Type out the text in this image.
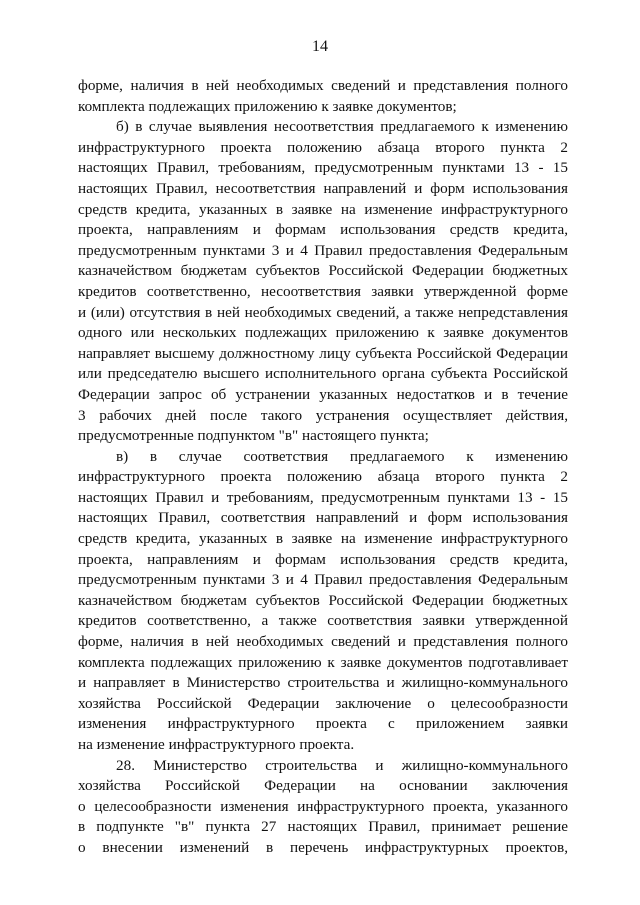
14
форме, наличия в ней необходимых сведений и представления полного
комплекта подлежащих приложению к заявке документов;
б) в случае выявления несоответствия предлагаемого к изменению
инфраструктурного проекта положению абзаца второго пункта 2
настоящих Правил, требованиям, предусмотренным пунктами 13 - 15
настоящих Правил, несоответствия направлений и форм использования
средств кредита, указанных в заявке на изменение инфраструктурного
проекта, направлениям и формам использования средств кредита,
предусмотренным пунктами 3 и 4 Правил предоставления Федеральным
казначейством бюджетам субъектов Российской Федерации бюджетных
кредитов соответственно, несоответствия заявки утвержденной форме
и (или) отсутствия в ней необходимых сведений, а также непредставления
одного или нескольких подлежащих приложению к заявке документов
направляет высшему должностному лицу субъекта Российской Федерации
или председателю высшего исполнительного органа субъекта Российской
Федерации запрос об устранении указанных недостатков и в течение
3 рабочих дней после такого устранения осуществляет действия,
предусмотренные подпунктом "в" настоящего пункта;
в) в случае соответствия предлагаемого к изменению
инфраструктурного проекта положению абзаца второго пункта 2
настоящих Правил и требованиям, предусмотренным пунктами 13 - 15
настоящих Правил, соответствия направлений и форм использования
средств кредита, указанных в заявке на изменение инфраструктурного
проекта, направлениям и формам использования средств кредита,
предусмотренным пунктами 3 и 4 Правил предоставления Федеральным
казначейством бюджетам субъектов Российской Федерации бюджетных
кредитов соответственно, а также соответствия заявки утвержденной
форме, наличия в ней необходимых сведений и представления полного
комплекта подлежащих приложению к заявке документов подготавливает
и направляет в Министерство строительства и жилищно-коммунального
хозяйства Российской Федерации заключение о целесообразности
изменения инфраструктурного проекта с приложением заявки
на изменение инфраструктурного проекта.
28. Министерство строительства и жилищно-коммунального
хозяйства Российской Федерации на основании заключения
о целесообразности изменения инфраструктурного проекта, указанного
в подпункте "в" пункта 27 настоящих Правил, принимает решение
о внесении изменений в перечень инфраструктурных проектов,
